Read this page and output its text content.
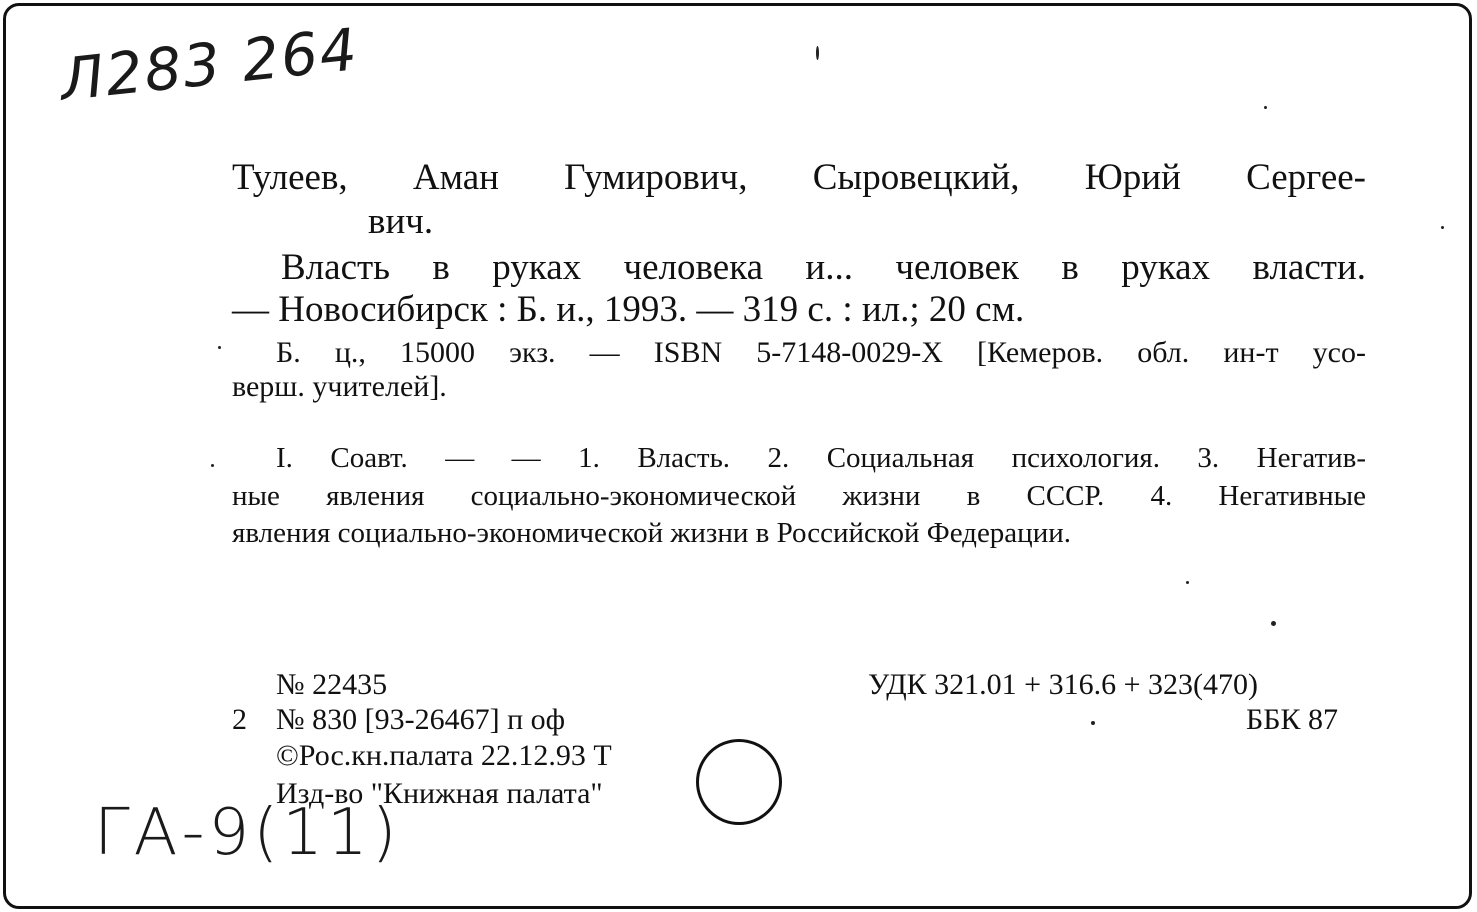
Л283 264
Тулеев, Аман Гумирович, Сыровецкий, Юрий Сергее-
вич.
Власть в руках человека и... человек в руках власти.
— Новосибирск : Б. и., 1993. — 319 с. : ил.; 20 см.
Б. ц., 15000 экз. — ISBN 5-7148-0029-X [Кемеров. обл. ин-т усо-
верш. учителей].
I. Соавт. — — 1. Власть. 2. Социальная психология. 3. Негатив-
ные явления социально-экономической жизни в СССР. 4. Негативные
явления социально-экономической жизни в Российской Федерации.
№ 22435	УДК 321.01 + 316.6 + 323(470)
2 № 830 [93-26467] п оф	ББК 87
©Рос.кн.палата 22.12.93 Т
Изд-во "Книжная палата"
ГА-9(11)
